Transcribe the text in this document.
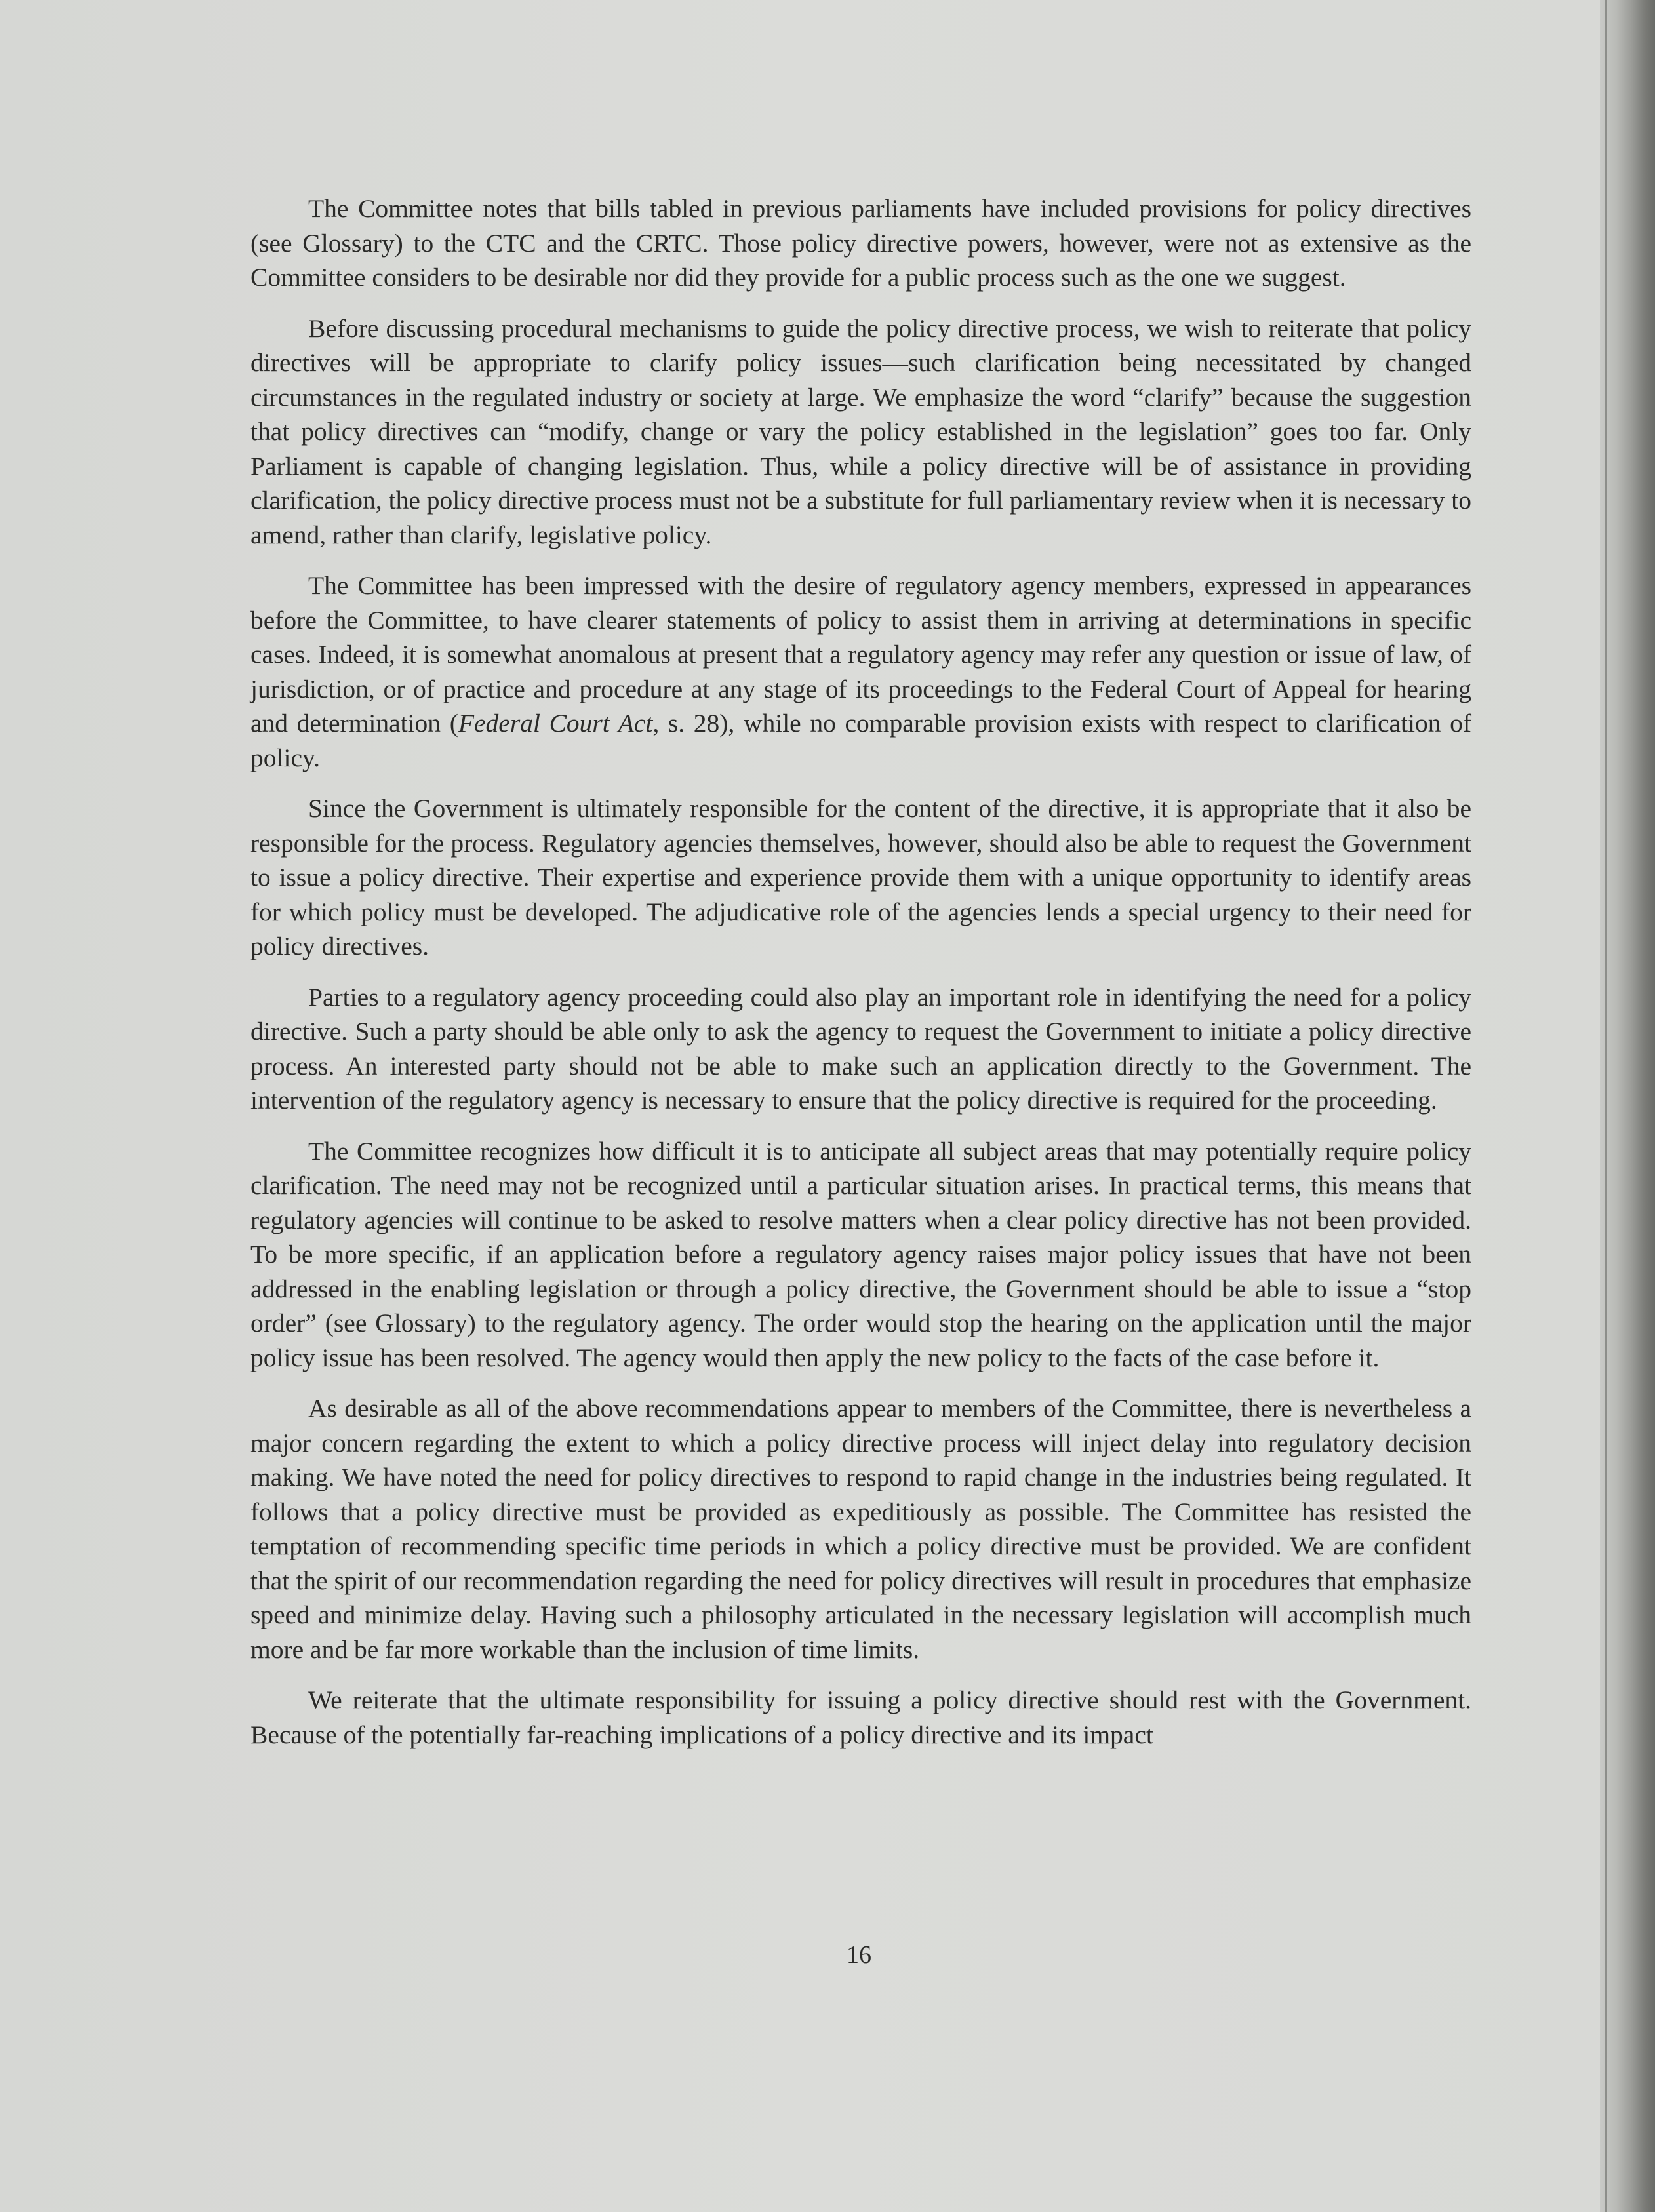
The Committee notes that bills tabled in previous parliaments have included provisions for policy directives (see Glossary) to the CTC and the CRTC. Those policy directive powers, however, were not as extensive as the Committee considers to be desirable nor did they provide for a public process such as the one we suggest.

Before discussing procedural mechanisms to guide the policy directive process, we wish to reiterate that policy directives will be appropriate to clarify policy issues—such clarification being necessitated by changed circumstances in the regulated industry or society at large. We emphasize the word “clarify” because the suggestion that policy directives can “modify, change or vary the policy established in the legislation” goes too far. Only Parliament is capable of changing legislation. Thus, while a policy directive will be of assistance in providing clarification, the policy directive process must not be a substitute for full parliamentary review when it is necessary to amend, rather than clarify, legislative policy.

The Committee has been impressed with the desire of regulatory agency members, expressed in appearances before the Committee, to have clearer statements of policy to assist them in arriving at determinations in specific cases. Indeed, it is somewhat anomalous at present that a regulatory agency may refer any question or issue of law, of jurisdiction, or of practice and procedure at any stage of its proceedings to the Federal Court of Appeal for hearing and determination (Federal Court Act, s. 28), while no comparable provision exists with respect to clarification of policy.

Since the Government is ultimately responsible for the content of the directive, it is appropriate that it also be responsible for the process. Regulatory agencies themselves, however, should also be able to request the Government to issue a policy directive. Their expertise and experience provide them with a unique opportunity to identify areas for which policy must be developed. The adjudicative role of the agencies lends a special urgency to their need for policy directives.

Parties to a regulatory agency proceeding could also play an important role in identifying the need for a policy directive. Such a party should be able only to ask the agency to request the Government to initiate a policy directive process. An interested party should not be able to make such an application directly to the Government. The intervention of the regulatory agency is necessary to ensure that the policy directive is required for the proceeding.

The Committee recognizes how difficult it is to anticipate all subject areas that may potentially require policy clarification. The need may not be recognized until a particular situation arises. In practical terms, this means that regulatory agencies will continue to be asked to resolve matters when a clear policy directive has not been provided. To be more specific, if an application before a regulatory agency raises major policy issues that have not been addressed in the enabling legislation or through a policy directive, the Government should be able to issue a “stop order” (see Glossary) to the regulatory agency. The order would stop the hearing on the application until the major policy issue has been resolved. The agency would then apply the new policy to the facts of the case before it.

As desirable as all of the above recommendations appear to members of the Committee, there is nevertheless a major concern regarding the extent to which a policy directive process will inject delay into regulatory decision making. We have noted the need for policy directives to respond to rapid change in the industries being regulated. It follows that a policy directive must be provided as expeditiously as possible. The Committee has resisted the temptation of recommending specific time periods in which a policy directive must be provided. We are confident that the spirit of our recommendation regarding the need for policy directives will result in procedures that emphasize speed and minimize delay. Having such a philosophy articulated in the necessary legislation will accomplish much more and be far more workable than the inclusion of time limits.

We reiterate that the ultimate responsibility for issuing a policy directive should rest with the Government. Because of the potentially far-reaching implications of a policy directive and its impact

16
